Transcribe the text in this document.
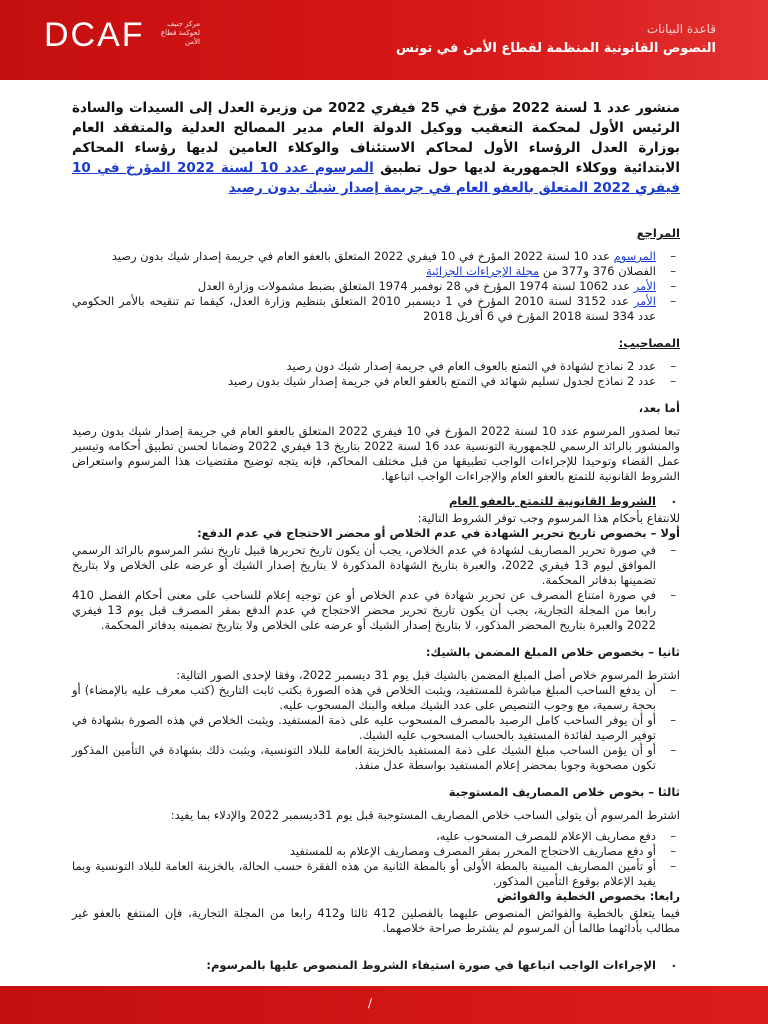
DCAF	مركز جنيف لحوكمة قطاع الأمن
قاعدة البيانات
النصوص القانونية المنظمة لقطاع الأمن في تونس
منشور عدد 1 لسنة 2022 مؤرخ في 25 فيفري 2022 من وزيرة العدل إلى السيدات والسادة الرئيس الأول لمحكمة التعقيب ووكيل الدولة العام مدير المصالح العدلية والمتفقد العام بوزارة العدل الرؤساء الأول لمحاكم الاستئناف والوكلاء العامين لديها رؤساء المحاكم الابتدائية ووكلاء الجمهورية لديها حول تطبيق المرسوم عدد 10 لسنة 2022 المؤرخ في 10 فيفري 2022 المتعلق بالعفو العام في جريمة إصدار شيك بدون رصيد
المراجع
– المرسوم عدد 10 لسنة 2022 المؤرخ في 10 فيفري 2022 المتعلق بالعفو العام في جريمة إصدار شيك بدون رصيد
– الفصلان 376 و377 من مجلة الإجراءات الجزائية
– الأمر عدد 1062 لسنة 1974 المؤرخ في 28 نوفمبر 1974 المتعلق بضبط مشمولات وزارة العدل
– الأمر عدد 3152 لسنة 2010 المؤرخ في 1 ديسمبر 2010 المتعلق بتنظيم وزارة العدل، كيفما تم تنقيحه بالأمر الحكومي عدد 334 لسنة 2018 المؤرخ في 6 أفريل 2018
المصاحيب:
– عدد 2 نماذج لشهادة في التمتع بالعوف العام في جريمة إصدار شيك دون رصيد
– عدد 2 نماذج لجدول تسليم شهائد في التمتع بالعفو العام في جريمة إصدار شيك بدون رصيد
أما بعد،
تبعا لصدور المرسوم عدد 10 لسنة 2022 المؤرخ في 10 فيفري 2022 المتعلق بالعفو العام في جريمة إصدار شيك بدون رصيد والمنشور بالرائد الرسمي للجمهورية التونسية عدد 16 لسنة 2022 بتاريخ 13 فيفري 2022 وضمانا لحسن تطبيق أحكامه وتيسير عمل القضاء وتوحيدا للإجراءات الواجب تطبيقها من قبل مختلف المحاكم، فإنه يتجه توضيح مقتضيات هذا المرسوم واستعراض الشروط القانونية للتمتع بالعفو العام والإجراءات الواجب اتباعها.
. الشروط القانونية للتمتع بالعفو العام
للانتفاع بأحكام هذا المرسوم وجب توفر الشروط التالية:
أولا – بخصوص تاريخ تحرير الشهادة في عدم الخلاص أو محضر الاحتجاج في عدم الدفع:
– في صورة تحرير المصاريف لشهادة في عدم الخلاص، يجب أن يكون تاريخ تحريرها قبيل تاريخ نشر المرسوم بالرائد الرسمي الموافق ليوم 13 فيفري 2022، والعبرة بتاريخ الشهادة المذكورة لا بتاريخ إصدار الشيك أو عرضه على الخلاص ولا بتاريخ تضمينها بدفاتر المحكمة.
– في صورة امتناع المصرف عن تحرير شهادة في عدم الخلاص أو عن توجيه إعلام للساحب على معنى أحكام الفصل 410 رابعا من المجلة التجارية، يجب أن يكون تاريخ تحرير محضر الاحتجاج في عدم الدفع بمقر المصرف قبل يوم 13 فيفري 2022 والعبرة بتاريخ المحضر المذكور، لا بتاريخ إصدار الشيك أو عرضه على الخلاص ولا بتاريخ تضمينه بدفاتر المحكمة.
ثانيا – بخصوص خلاص المبلغ المضمن بالشيك:
اشترط المرسوم خلاص أصل المبلغ المضمن بالشيك قبل يوم 31 ديسمبر 2022، وفقا لإحدى الصور التالية:
– أن يدفع الساحب المبلغ مباشرة للمستفيد، ويثبت الخلاص في هذه الصورة بكتب ثابت التاريخ (كتب معرف عليه بالإمضاء) أو بحجة رسمية، مع وجوب التنصيص على عدد الشيك مبلغه والبنك المسحوب عليه.
– أو أن يوفر الساحب كامل الرصيد بالمصرف المسحوب عليه على ذمة المستفيد. ويثبت الخلاص في هذه الصورة بشهادة في توفير الرصيد لفائدة المستفيد بالحساب المسحوب عليه الشيك.
– أو أن يؤمن الساحب مبلغ الشيك على ذمة المستفيد بالخزينة العامة للبلاد التونسية، ويثبت ذلك بشهادة في التأمين المذكور تكون مصحوبة وجوبا بمحضر إعلام المستفيد بواسطة عدل منفذ.
ثالثا – بخوص خلاص المصاريف المستوجبة
اشترط المرسوم أن يتولى الساحب خلاص المصاريف المستوجبة قبل يوم 31ديسمبر 2022 والإدلاء بما يفيد:
– دفع مصاريف الإعلام للمصرف المسحوب عليه،
– أو دفع مصاريف الاحتجاج المحرر بمقر المصرف ومصاريف الإعلام به للمستفيد
– أو تأمين المصاريف المبينة بالمطة الأولى أو بالمطة الثانية من هذه الفقرة حسب الحالة، بالخزينة العامة للبلاد التونسية وبما يفيد الإعلام بوقوع التأمين المذكور.
رابعا: بخصوص الخطية والفوائض
فيما يتعلق بالخطية والفوائض المنصوص عليهما بالفصلين 412 ثالثا و412 رابعا من المجلة التجارية، فإن المنتفع بالعفو غير مطالب بأدائهما طالما أن المرسوم لم يشترط صراحة خلاصهما.
. الإجراءات الواجب اتباعها في صورة استيفاء الشروط المنصوص عليها بالمرسوم:
/
